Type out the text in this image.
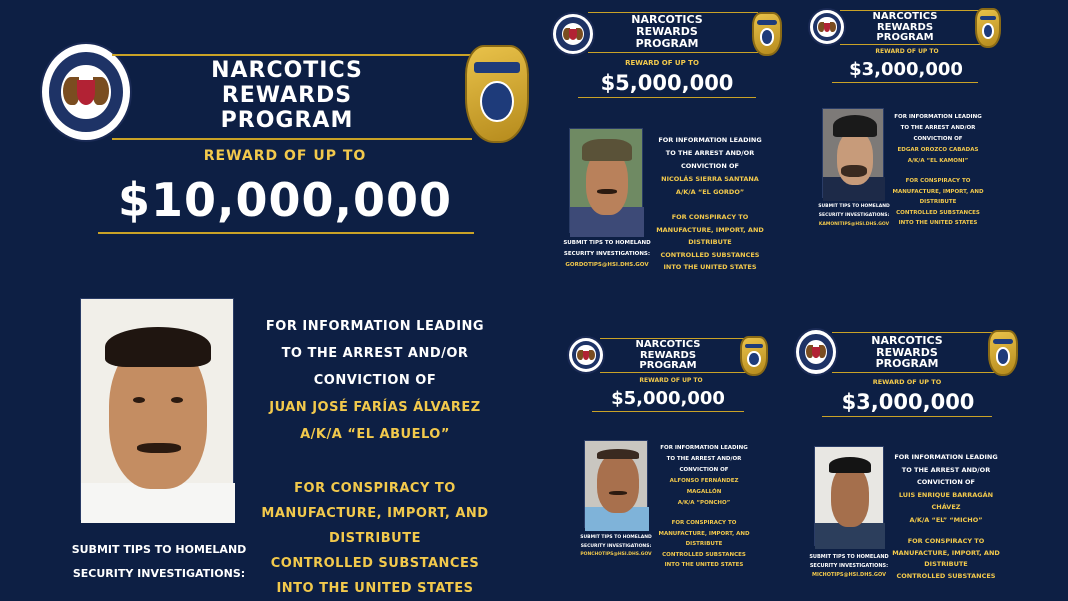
NARCOTICS
REWARDS
PROGRAM
REWARD OF UP TO
$10,000,000
FOR INFORMATION LEADING
TO THE ARREST AND/OR
CONVICTION OF
JUAN JOSÉ FARÍAS ÁLVAREZ
A/K/A “EL ABUELO”
FOR CONSPIRACY TO
MANUFACTURE, IMPORT, AND
DISTRIBUTE
CONTROLLED SUBSTANCES
INTO THE UNITED STATES
SUBMIT TIPS TO HOMELAND
SECURITY INVESTIGATIONS:
NARCOTICS
REWARDS
PROGRAM
REWARD OF UP TO
$5,000,000
FOR INFORMATION LEADING
TO THE ARREST AND/OR
CONVICTION OF
NICOLÁS SIERRA SANTANA
A/K/A “EL GORDO”
FOR CONSPIRACY TO
MANUFACTURE, IMPORT, AND
DISTRIBUTE
CONTROLLED SUBSTANCES
INTO THE UNITED STATES
SUBMIT TIPS TO HOMELAND
SECURITY INVESTIGATIONS:
GORDOTIPS@HSI.DHS.GOV
NARCOTICS
REWARDS
PROGRAM
REWARD OF UP TO
$3,000,000
FOR INFORMATION LEADING
TO THE ARREST AND/OR
CONVICTION OF
EDGAR OROZCO CABADAS
A/K/A “EL KAMONI”
FOR CONSPIRACY TO
MANUFACTURE, IMPORT, AND
DISTRIBUTE
CONTROLLED SUBSTANCES
INTO THE UNITED STATES
SUBMIT TIPS TO HOMELAND
SECURITY INVESTIGATIONS:
KAMONITIPS@HSI.DHS.GOV
NARCOTICS
REWARDS
PROGRAM
REWARD OF UP TO
$5,000,000
FOR INFORMATION LEADING
TO THE ARREST AND/OR
CONVICTION OF
ALFONSO FERNÁNDEZ
MAGALLÓN
A/K/A “PONCHO”
FOR CONSPIRACY TO
MANUFACTURE, IMPORT, AND
DISTRIBUTE
CONTROLLED SUBSTANCES
INTO THE UNITED STATES
SUBMIT TIPS TO HOMELAND
SECURITY INVESTIGATIONS:
PONCHOTIPS@HSI.DHS.GOV
NARCOTICS
REWARDS
PROGRAM
REWARD OF UP TO
$3,000,000
FOR INFORMATION LEADING
TO THE ARREST AND/OR
CONVICTION OF
LUIS ENRIQUE BARRAGÁN
CHÁVEZ
A/K/A “EL” “MICHO”
FOR CONSPIRACY TO
MANUFACTURE, IMPORT, AND
DISTRIBUTE
CONTROLLED SUBSTANCES
SUBMIT TIPS TO HOMELAND
SECURITY INVESTIGATIONS:
MICHOTIPS@HSI.DHS.GOV
